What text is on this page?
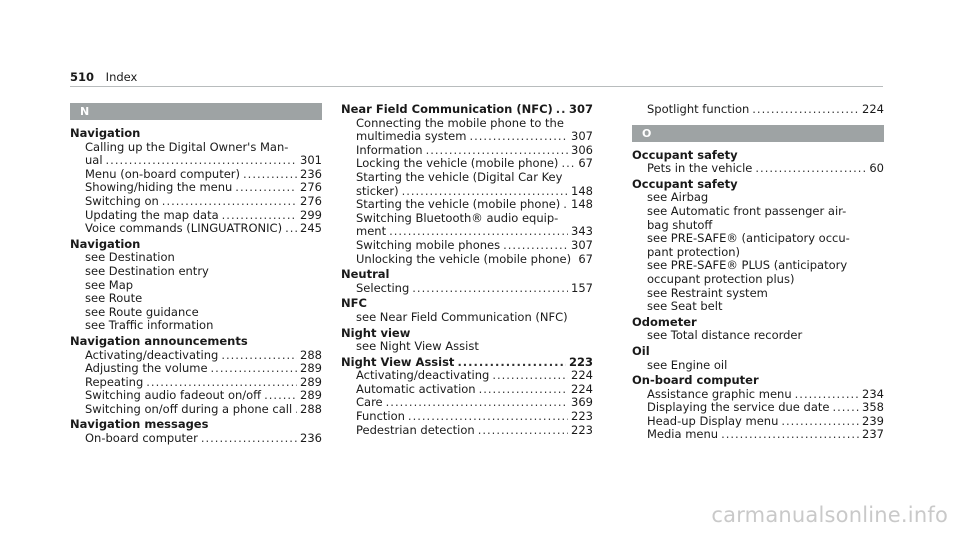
510 Index
N
Navigation
Calling up the Digital Owner's Man-
ual .....	301
Menu (on-board computer) .....	236
Showing/hiding the menu .....	276
Switching on .....	276
Updating the map data .....	299
Voice commands (LINGUATRONIC) ..... 245
Navigation
see Destination
see Destination entry
see Map
see Route
see Route guidance
see Traffic information
Navigation announcements
Activating/deactivating .....	288
Adjusting the volume .....	289
Repeating .....	289
Switching audio fadeout on/off .....	289
Switching on/off during a phone call ..... 288
Navigation messages
On-board computer .....	236
Near Field Communication (NFC) ..... 307
Connecting the mobile phone to the
multimedia system .....	307
Information .....	306
Locking the vehicle (mobile phone) ..... 67
Starting the vehicle (Digital Car Key
sticker) .....	148
Starting the vehicle (mobile phone) ..... 148
Switching Bluetooth® audio equip-
ment .....	343
Switching mobile phones .....	307
Unlocking the vehicle (mobile phone) ..... 67
Neutral
Selecting .....	157
NFC
see Near Field Communication (NFC)
Night view
see Night View Assist
Night View Assist .....	223
Activating/deactivating .....	224
Automatic activation .....	224
Care .....	369
Function .....	223
Pedestrian detection .....	223
Spotlight function .....	224
O
Occupant safety
Pets in the vehicle .....	60
Occupant safety
see Airbag
see Automatic front passenger air-
bag shutoff
see PRE-SAFE® (anticipatory occu-
pant protection)
see PRE-SAFE® PLUS (anticipatory
occupant protection plus)
see Restraint system
see Seat belt
Odometer
see Total distance recorder
Oil
see Engine oil
On-board computer
Assistance graphic menu .....	234
Displaying the service due date .....	358
Head-up Display menu .....	239
Media menu .....	237
carmanualsonline.info
